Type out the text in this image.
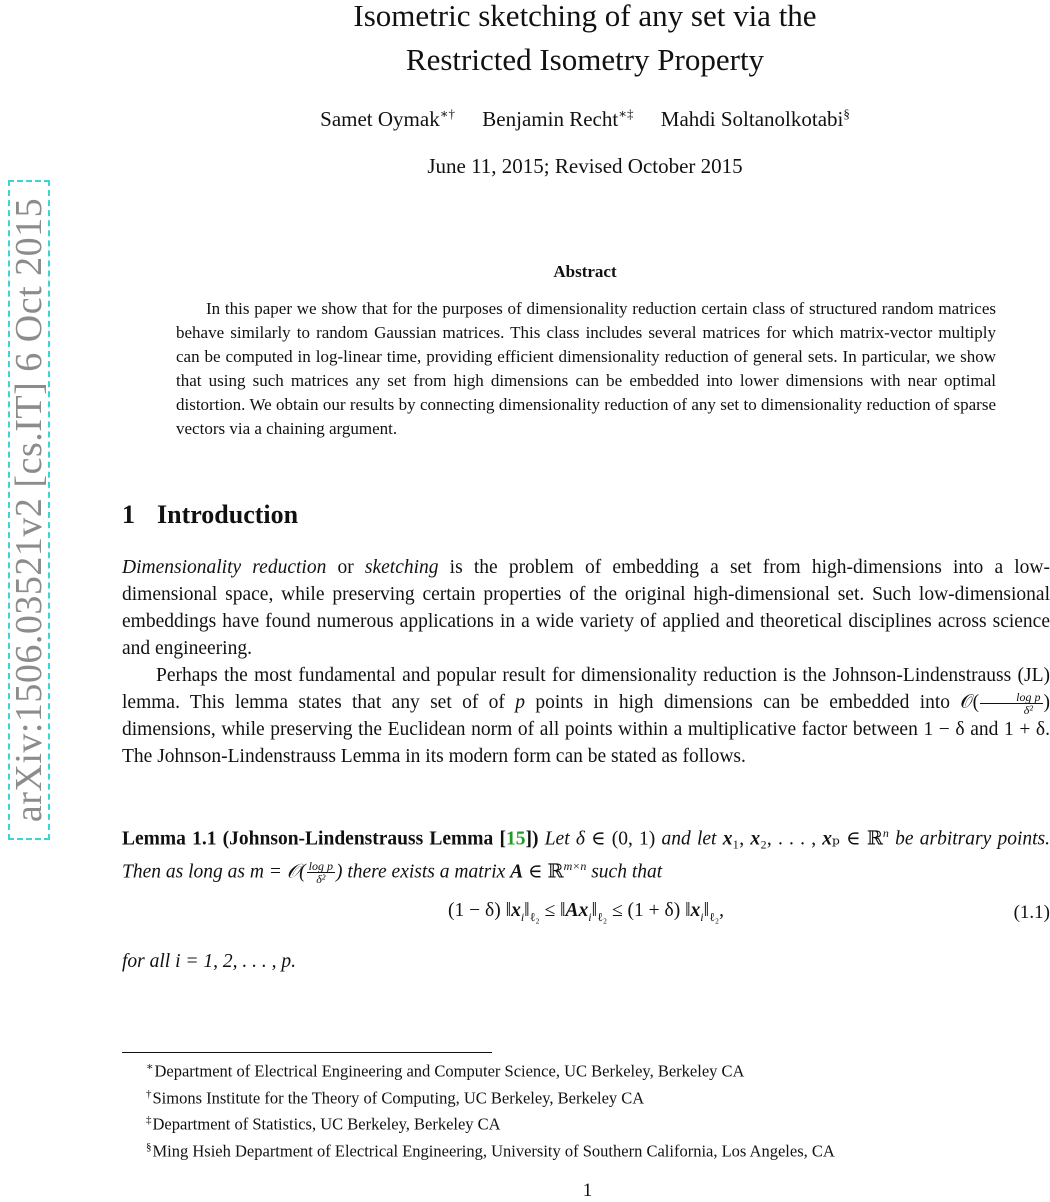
arXiv:1506.03521v2 [cs.IT] 6 Oct 2015
Isometric sketching of any set via the
Restricted Isometry Property
Samet Oymak∗† Benjamin Recht∗‡ Mahdi Soltanolkotabi§
June 11, 2015; Revised October 2015
Abstract
In this paper we show that for the purposes of dimensionality reduction certain class of structured random matrices behave similarly to random Gaussian matrices. This class includes several matrices for which matrix-vector multiply can be computed in log-linear time, providing efficient dimensionality reduction of general sets. In particular, we show that using such matrices any set from high dimensions can be embedded into lower dimensions with near optimal distortion. We obtain our results by connecting dimensionality reduction of any set to dimensionality reduction of sparse vectors via a chaining argument.
1 Introduction
Dimensionality reduction or sketching is the problem of embedding a set from high-dimensions into a low-dimensional space, while preserving certain properties of the original high-dimensional set. Such low-dimensional embeddings have found numerous applications in a wide variety of applied and theoretical disciplines across science and engineering.
Perhaps the most fundamental and popular result for dimensionality reduction is the Johnson-Lindenstrauss (JL) lemma. This lemma states that any set of of p points in high dimensions can be embedded into 𝒪( $\frac{\text{log p}}{\text{δ²}}$ ) dimensions, while preserving the Euclidean norm of all points within a multiplicative factor between 1 − δ and 1 + δ. The Johnson-Lindenstrauss Lemma in its modern form can be stated as follows.
Lemma 1.1 (Johnson-Lindenstrauss Lemma [15]) Let δ ∈ (0, 1) and let x₁, x₂, . . . , xₚ ∈ ℝ$^n$ be arbitrary points. Then as long as m = 𝒪( $\frac{\text{log p}}{\text{δ²}}$ ) there exists a matrix A ∈ ℝ$^{m\times n}$ such that
(1 − δ) $‖x_i‖_{\ell_2}$ ≤ $‖Ax_i‖_{\ell_2} \le (1 + \delta)$ $‖x_i‖_{\ell_2}$,	(1.1)
for all i = 1, 2, . . . , p.
∗Department of Electrical Engineering and Computer Science, UC Berkeley, Berkeley CA
†Simons Institute for the Theory of Computing, UC Berkeley, Berkeley CA
‡Department of Statistics, UC Berkeley, Berkeley CA
§Ming Hsieh Department of Electrical Engineering, University of Southern California, Los Angeles, CA
1
